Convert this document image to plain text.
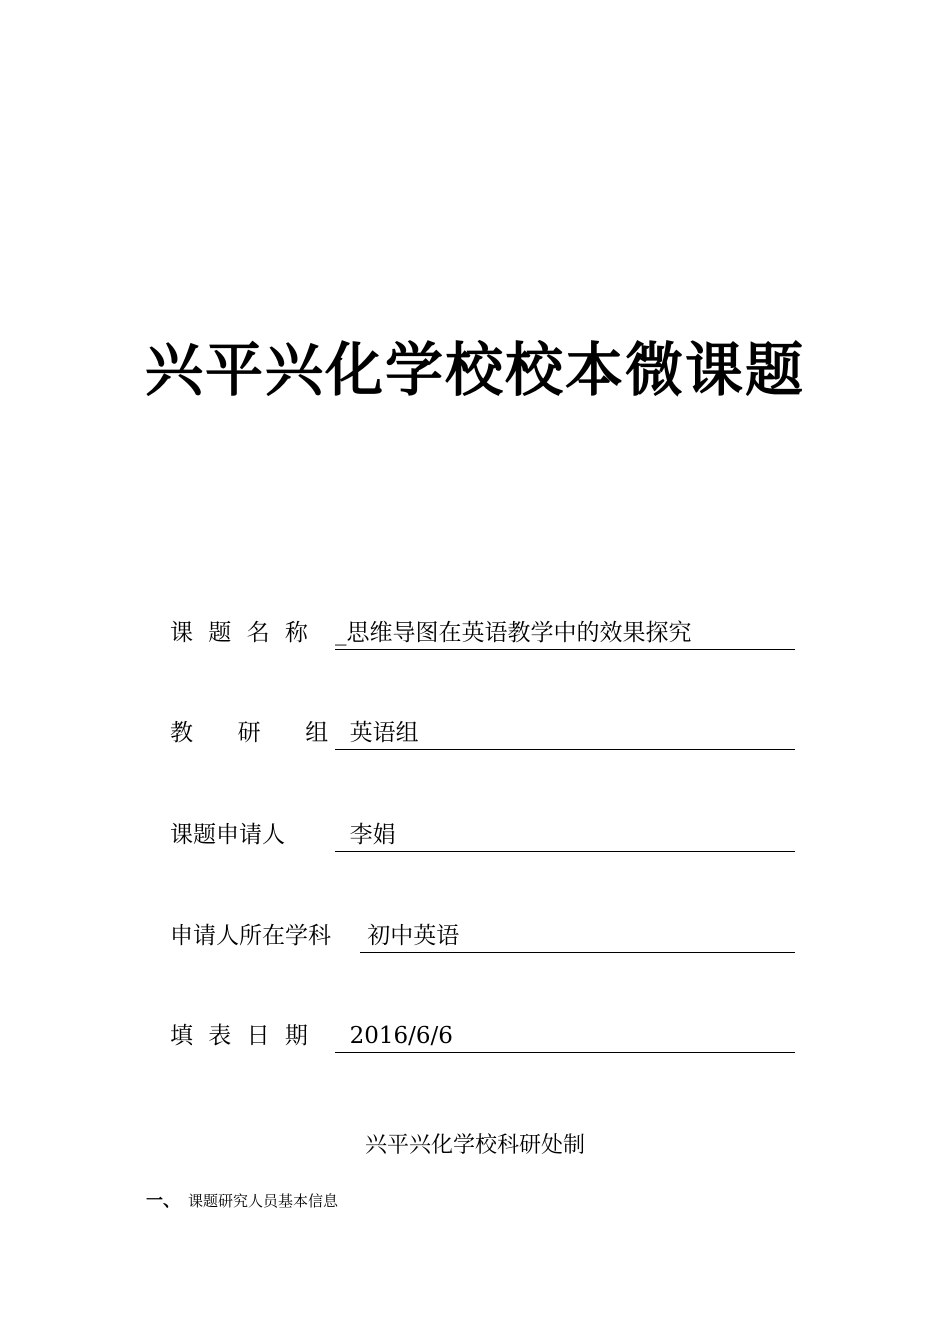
兴平兴化学校校本微课题
课 题 名 称

_思维导图在英语教学中的效果探究

教  研  组

英语组

课题申请人

李娟

申请人所在学科

初中英语

填 表 日 期

2016/6/6

兴平兴化学校科研处制
一、 课题研究人员基本信息
